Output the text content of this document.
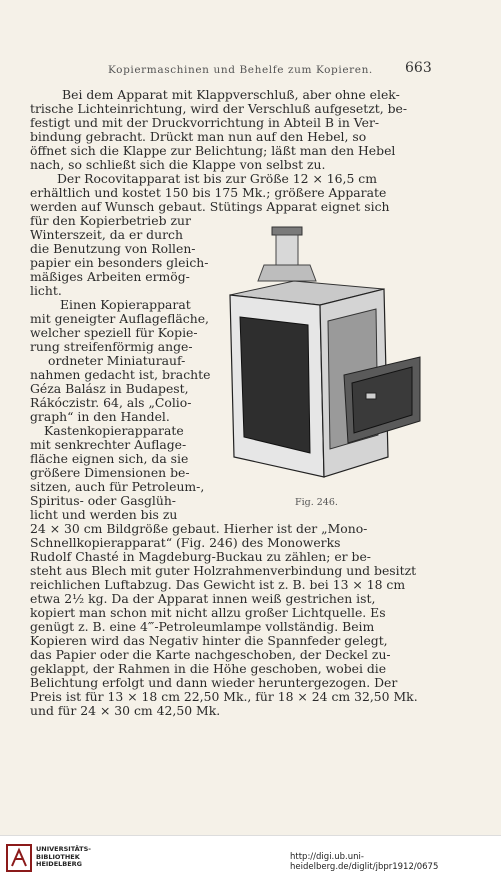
Kopiermaschinen und Behelfe zum Kopieren. 663
Bei dem Apparat mit Klappverschluß, aber ohne elek-
trische Lichteinrichtung, wird der Verschluß aufgesetzt, be-
festigt und mit der Druckvorrichtung in Abteil B in Ver-
bindung gebracht. Drückt man nun auf den Hebel, so
öffnet sich die Klappe zur Belichtung; läßt man den Hebel
nach, so schließt sich die Klappe von selbst zu.
Der Rocovitapparat ist bis zur Größe 12 × 16,5 cm
erhältlich und kostet 150 bis 175 Mk.; größere Apparate
werden auf Wunsch gebaut. Stütings Apparat eignet sich
für den Kopierbetrieb zur
Winterszeit, da er durch
die Benutzung von Rollen-
papier ein besonders gleich-
mäßiges Arbeiten ermög-
licht.
Einen Kopierapparat
mit geneigter Auflagefläche,
welcher speziell für Kopie-
rung streifenförmig ange-
ordneter Miniaturauf-
nahmen gedacht ist, brachte
Géza Balász in Budapest,
Rákóczistr. 64, als „Colio-
graph“ in den Handel.
Kastenkopierapparate
mit senkrechter Auflage-
fläche eignen sich, da sie
größere Dimensionen be-
sitzen, auch für Petroleum-,
Spiritus- oder Gasglüh-
licht und werden bis zu
24 × 30 cm Bildgröße gebaut. Hierher ist der „Mono-
Schnellkopierapparat“ (Fig. 246) des Monowerks
Rudolf Chasté in Magdeburg-Buckau zu zählen; er be-
steht aus Blech mit guter Holzrahmenverbindung und besitzt
reichlichen Luftabzug. Das Gewicht ist z. B. bei 13 × 18 cm
etwa 2½ kg. Da der Apparat innen weiß gestrichen ist,
kopiert man schon mit nicht allzu großer Lichtquelle. Es
genügt z. B. eine 4‴-Petroleumlampe vollständig. Beim
Kopieren wird das Negativ hinter die Spannfeder gelegt,
das Papier oder die Karte nachgeschoben, der Deckel zu-
geklappt, der Rahmen in die Höhe geschoben, wobei die
Belichtung erfolgt und dann wieder heruntergezogen. Der
Preis ist für 13 × 18 cm 22,50 Mk., für 18 × 24 cm 32,50 Mk.
und für 24 × 30 cm 42,50 Mk.
Fig. 246.
UNIVERSITÄTS-
BIBLIOTHEK
HEIDELBERG
http://digi.ub.uni-heidelberg.de/diglit/jbpr1912/0675
